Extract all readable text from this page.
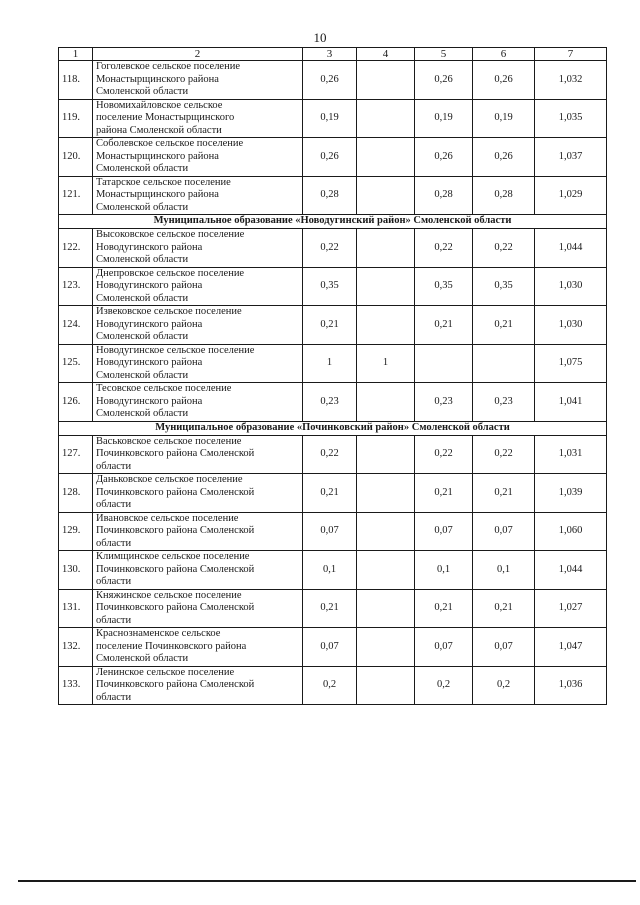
10
1	2	3	4	5	6	7
118.	Гоголевское сельское поселение
Монастырщинского района
Смоленской области	0,26		0,26	0,26	1,032
119.	Новомихайловское сельское
поселение Монастырщинского
района Смоленской области	0,19		0,19	0,19	1,035
120.	Соболевское сельское поселение
Монастырщинского района
Смоленской области	0,26		0,26	0,26	1,037
121.	Татарское сельское поселение
Монастырщинского района
Смоленской области	0,28		0,28	0,28	1,029
Муниципальное образование «Новодугинский район» Смоленской области						
122.	Высоковское сельское поселение
Новодугинского района
Смоленской области	0,22		0,22	0,22	1,044
123.	Днепровское сельское поселение
Новодугинского района
Смоленской области	0,35		0,35	0,35	1,030
124.	Извековское сельское поселение
Новодугинского района
Смоленской области	0,21		0,21	0,21	1,030
125.	Новодугинское сельское поселение
Новодугинского района
Смоленской области	1	1			1,075
126.	Тесовское сельское поселение
Новодугинского района
Смоленской области	0,23		0,23	0,23	1,041
Муниципальное образование «Починковский район» Смоленской области						
127.	Васьковское сельское поселение
Починковского района Смоленской
области	0,22		0,22	0,22	1,031
128.	Даньковское сельское поселение
Починковского района Смоленской
области	0,21		0,21	0,21	1,039
129.	Ивановское сельское поселение
Починковского района Смоленской
области	0,07		0,07	0,07	1,060
130.	Климщинское сельское поселение
Починковского района Смоленской
области	0,1		0,1	0,1	1,044
131.	Княжинское сельское поселение
Починковского района Смоленской
области	0,21		0,21	0,21	1,027
132.	Краснознаменское сельское
поселение Починковского района
Смоленской области	0,07		0,07	0,07	1,047
133.	Ленинское сельское поселение
Починковского района Смоленской
области	0,2		0,2	0,2	1,036
